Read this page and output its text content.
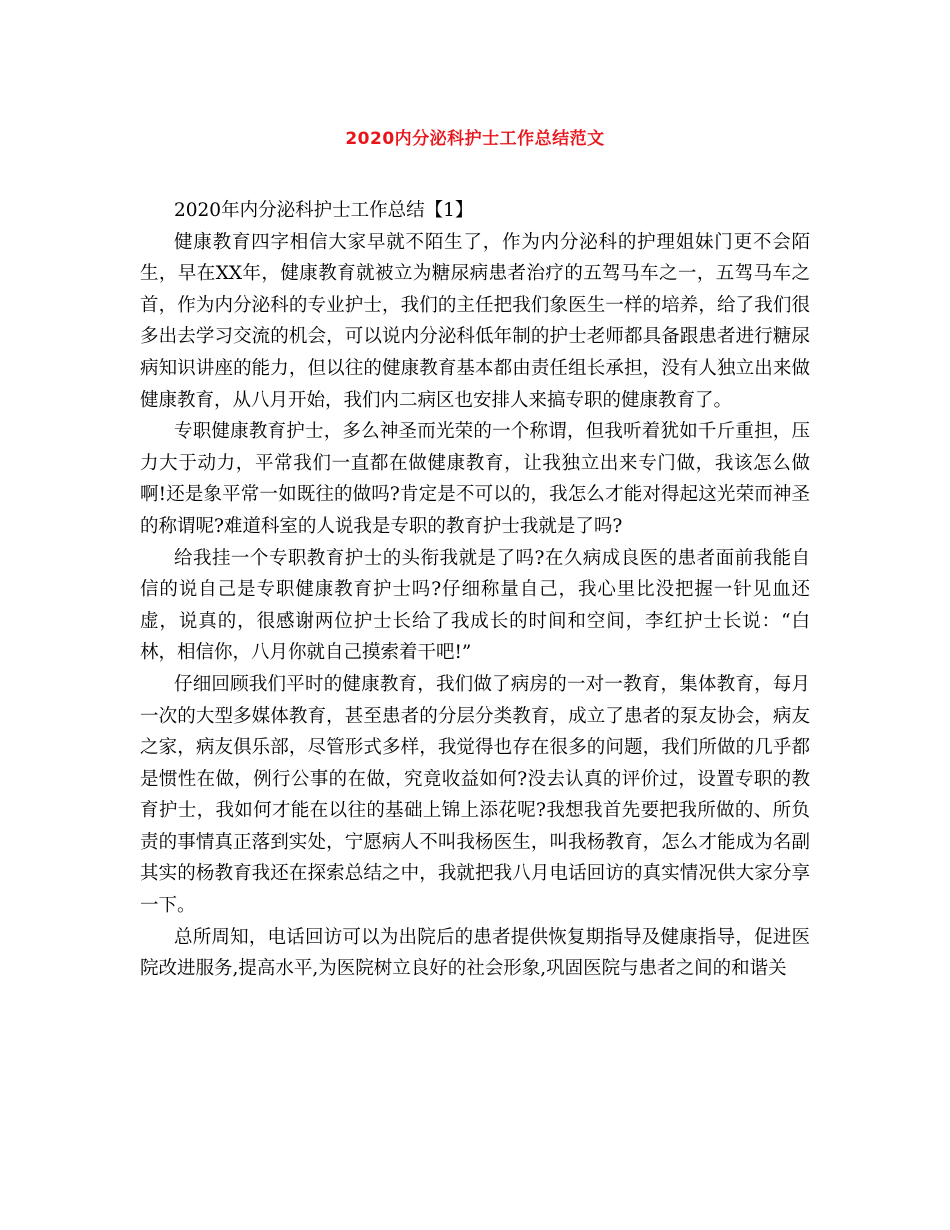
2020内分泌科护士工作总结范文

2020年内分泌科护士工作总结【1】

健康教育四字相信大家早就不陌生了，作为内分泌科的护理姐妹门更不会陌生，早在XX年，健康教育就被立为糖尿病患者治疗的五驾马车之一，五驾马车之首，作为内分泌科的专业护士，我们的主任把我们象医生一样的培养，给了我们很多出去学习交流的机会，可以说内分泌科低年制的护士老师都具备跟患者进行糖尿病知识讲座的能力，但以往的健康教育基本都由责任组长承担，没有人独立出来做健康教育，从八月开始，我们内二病区也安排人来搞专职的健康教育了。

专职健康教育护士，多么神圣而光荣的一个称谓，但我听着犹如千斤重担，压力大于动力，平常我们一直都在做健康教育，让我独立出来专门做，我该怎么做啊!还是象平常一如既往的做吗?肯定是不可以的，我怎么才能对得起这光荣而神圣的称谓呢?难道科室的人说我是专职的教育护士我就是了吗?

给我挂一个专职教育护士的头衔我就是了吗?在久病成良医的患者面前我能自信的说自己是专职健康教育护士吗?仔细称量自己，我心里比没把握一针见血还虚，说真的，很感谢两位护士长给了我成长的时间和空间，李红护士长说：“白林，相信你，八月你就自己摸索着干吧!”

仔细回顾我们平时的健康教育，我们做了病房的一对一教育，集体教育，每月一次的大型多媒体教育，甚至患者的分层分类教育，成立了患者的泵友协会，病友之家，病友俱乐部，尽管形式多样，我觉得也存在很多的问题，我们所做的几乎都是惯性在做，例行公事的在做，究竟收益如何?没去认真的评价过，设置专职的教育护士，我如何才能在以往的基础上锦上添花呢?我想我首先要把我所做的、所负责的事情真正落到实处，宁愿病人不叫我杨医生，叫我杨教育，怎么才能成为名副其实的杨教育我还在探索总结之中，我就把我八月电话回访的真实情况供大家分享一下。

总所周知，电话回访可以为出院后的患者提供恢复期指导及健康指导，促进医院改进服务,提高水平,为医院树立良好的社会形象,巩固医院与患者之间的和谐关
